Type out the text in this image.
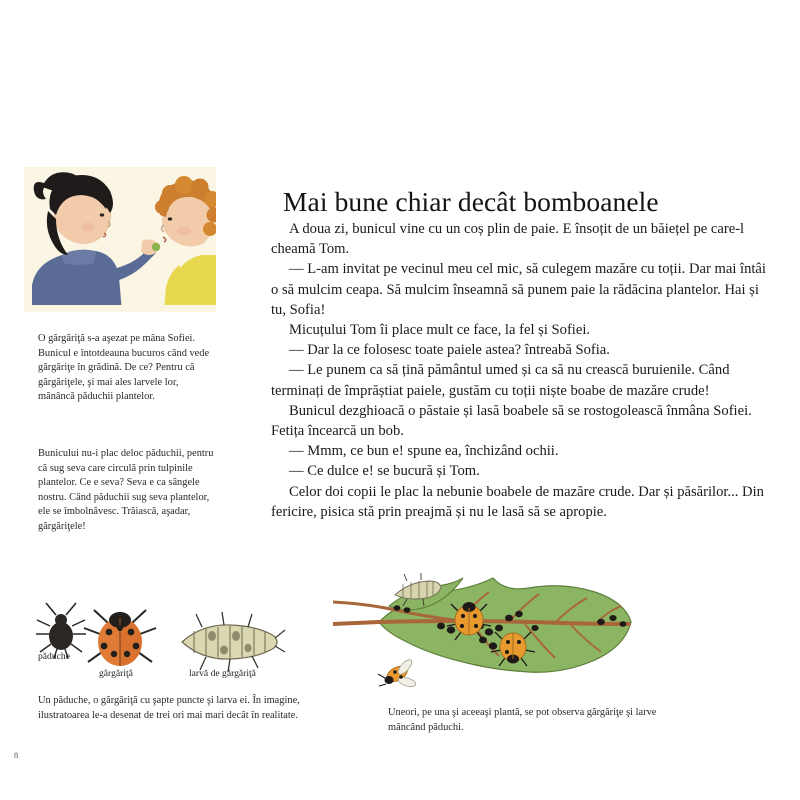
O gărgăriţă s-a aşezat pe mâna Sofiei. Bunicul e întotdeauna bucuros când vede gărgăriţe în grădină. De ce? Pentru că gărgăriţele, şi mai ales larvele lor, mănâncă păduchii plantelor.
Bunicului nu-i plac deloc păduchii, pentru că sug seva care circulă prin tulpinile plantelor. Ce e seva? Seva e ca sângele nostru. Când păduchii sug seva plantelor, ele se îmbolnăvesc. Trăiască, aşadar, gărgăriţele!
Mai bune chiar decât bomboanele

A doua zi, bunicul vine cu un coș plin de paie. E însoțit de un băiețel pe care-l cheamă Tom.

— L-am invitat pe vecinul meu cel mic, să culegem mazăre cu toții. Dar mai întâi o să mulcim ceapa. Să mulcim înseamnă să punem paie la rădăcina plantelor. Hai și tu, Sofia!

Micuțului Tom îi place mult ce face, la fel și Sofiei.

— Dar la ce folosesc toate paiele astea? întreabă Sofia.

— Le punem ca să țină pământul umed și ca să nu crească buruienile. Când terminați de împrăștiat paiele, gustăm cu toții niște boabe de mazăre crude!

Bunicul dezghioacă o păstaie și lasă boabele să se rostogolească înmâna Sofiei. Fetița încearcă un bob.

— Mmm, ce bun e! spune ea, închizând ochii.

— Ce dulce e! se bucură și Tom.

Celor doi copii le plac la nebunie boabele de mazăre crude. Dar și păsărilor... Din fericire, pisica stă prin preajmă și nu le lasă să se apropie.

păduche
gărgăriţă	larvă de gărgăriţă
Un păduche, o gărgăriţă cu şapte puncte şi larva ei. În imagine, ilustratoarea le-a desenat de trei ori mai mari decât în realitate.	Uneori, pe una şi aceeaşi plantă, se pot observa gărgăriţe şi larve mâncând păduchi.
8
